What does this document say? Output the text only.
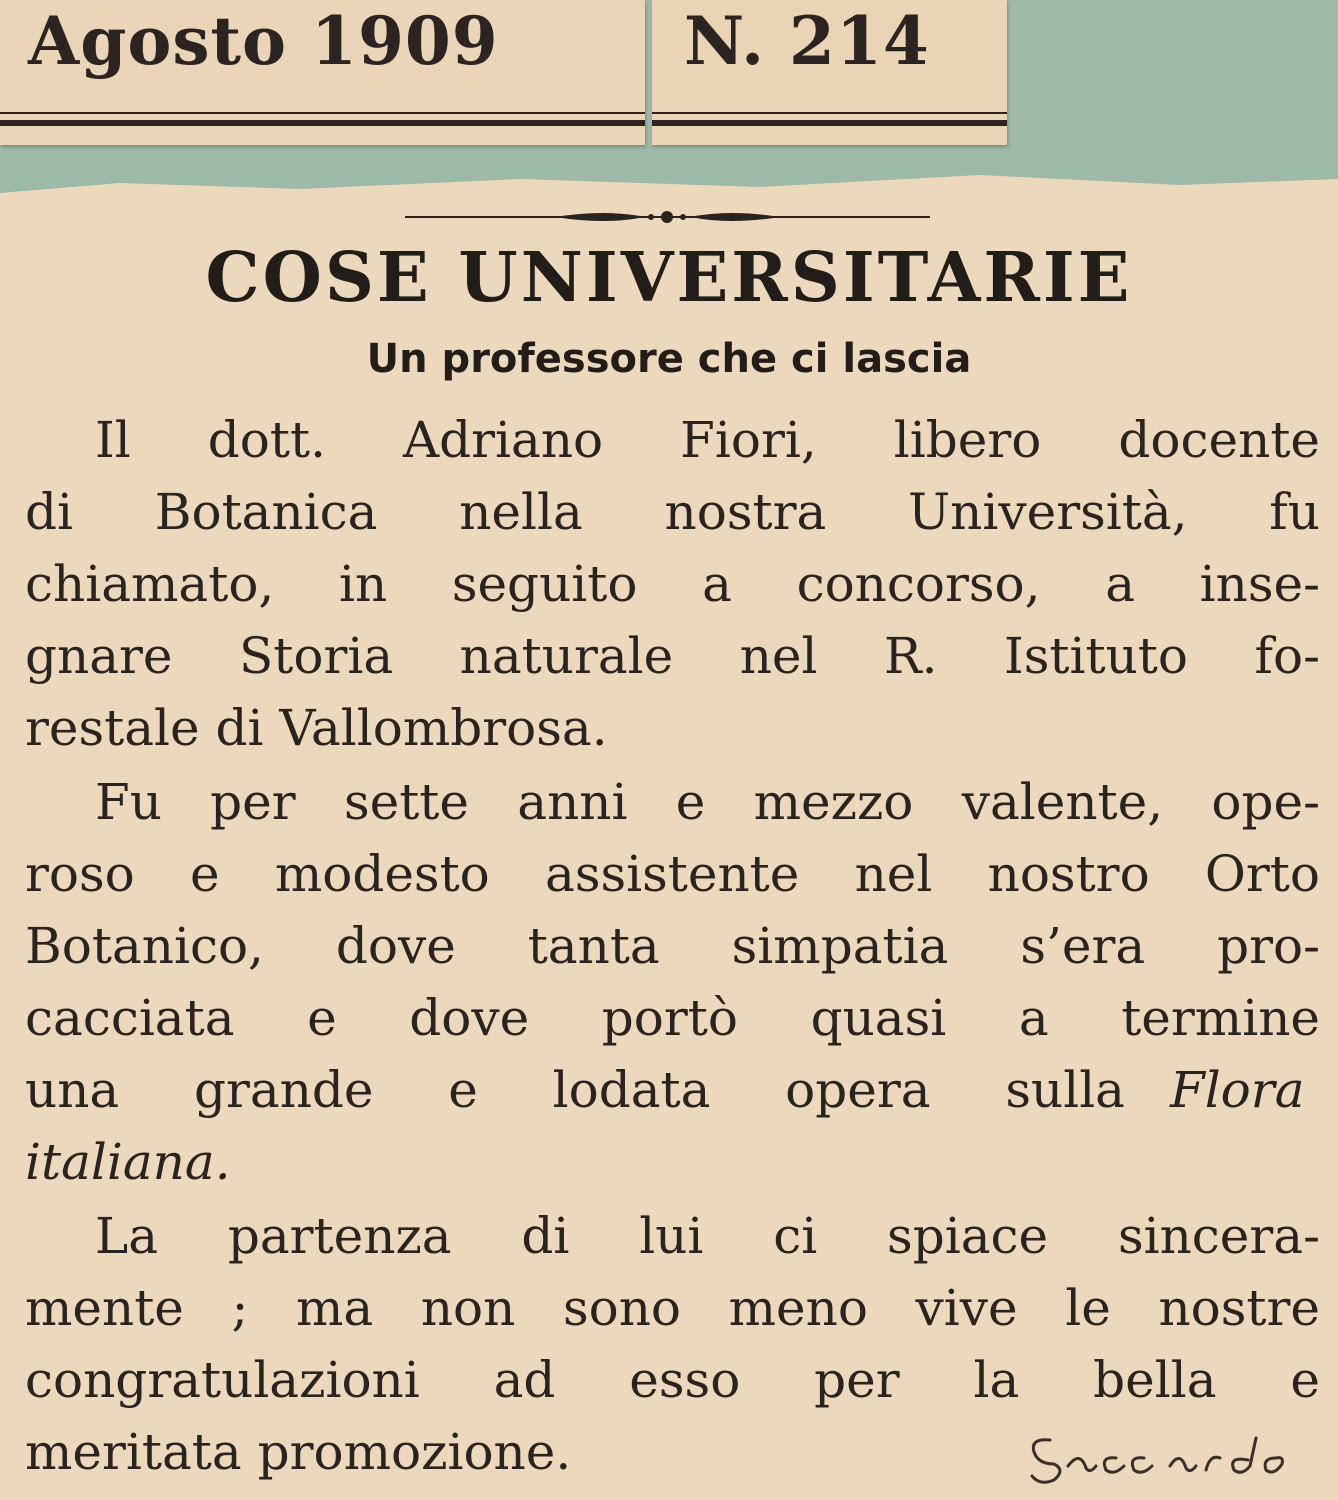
Agosto 1909	N. 214
COSE UNIVERSITARIE
Un professore che ci lascia
Il dott. Adriano Fiori, libero docente
di Botanica nella nostra Università, fu
chiamato, in seguito a concorso, a inse-
gnare Storia naturale nel R. Istituto fo-
restale di Vallombrosa.
Fu per sette anni e mezzo valente, ope-
roso e modesto assistente nel nostro Orto
Botanico, dove tanta simpatia s’era pro-
cacciata e dove portò quasi a termine
una grande e lodata opera sulla Flora
italiana.
La partenza di lui ci spiace sincera-
mente ; ma non sono meno vive le nostre
congratulazioni ad esso per la bella e
meritata promozione.
